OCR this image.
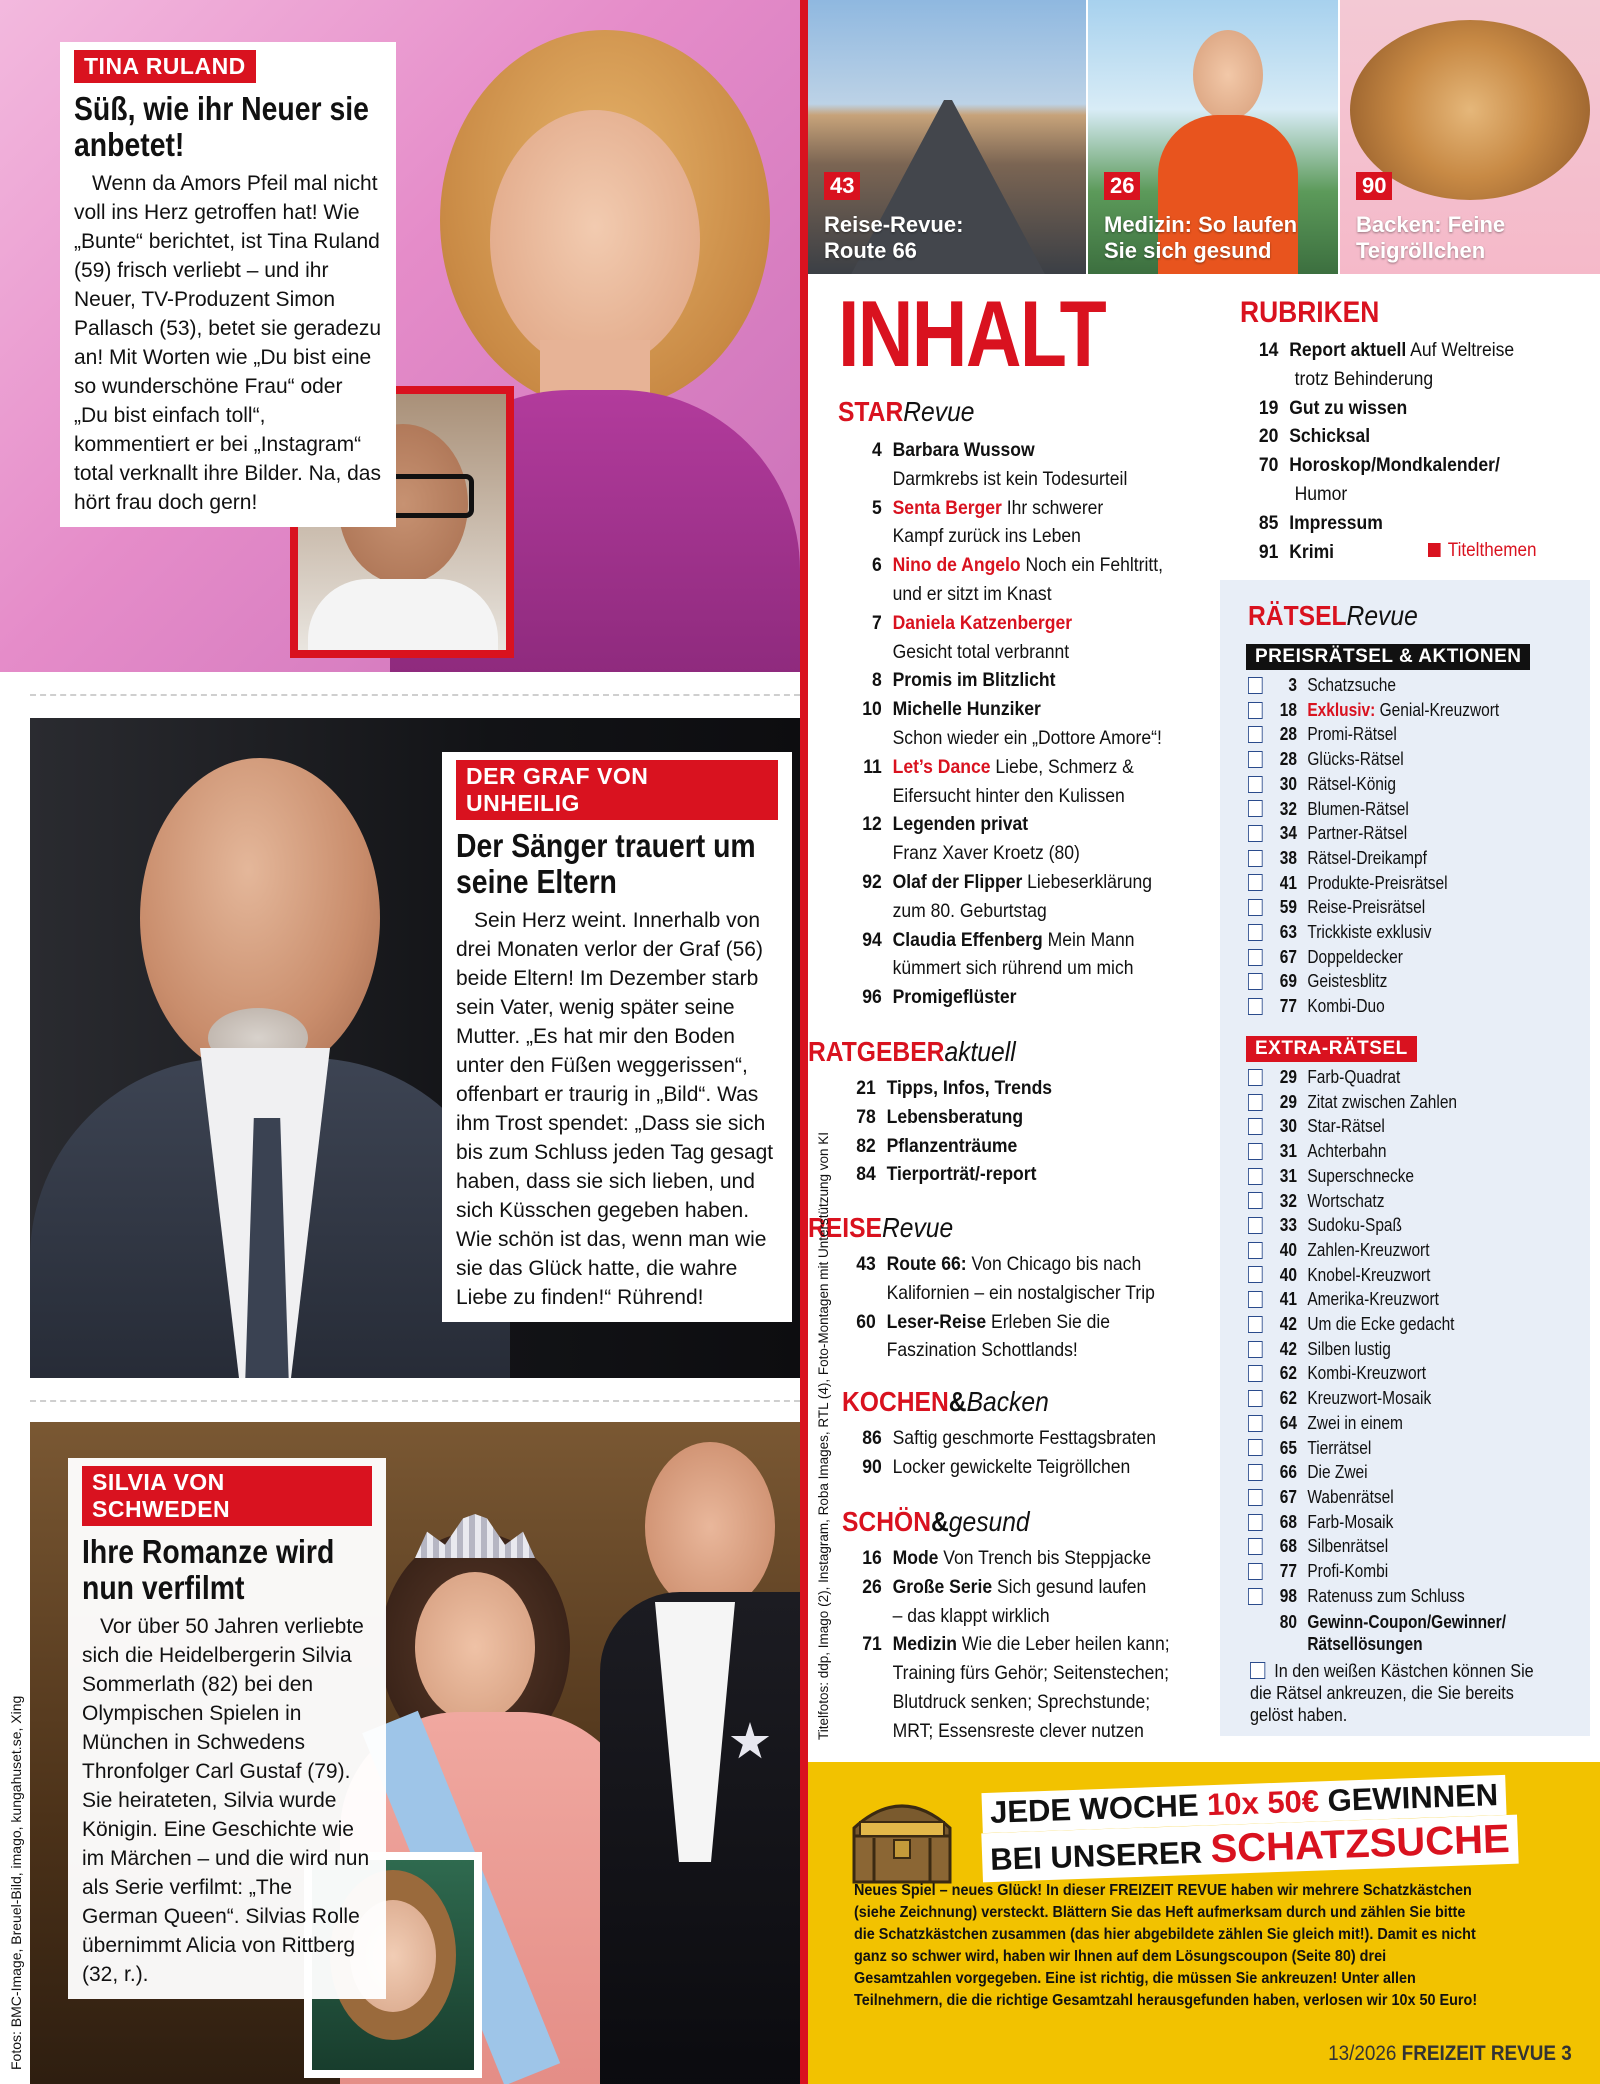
TINA RULAND
Süß, wie ihr Neuer sie anbetet!

Wenn da Amors Pfeil mal nicht voll ins Herz getroffen hat! Wie „Bunte“ berichtet, ist Tina Ruland (59) frisch verliebt – und ihr Neuer, TV-Produzent Simon Pallasch (53), betet sie geradezu an! Mit Worten wie „Du bist eine so wunderschöne Frau“ oder „Du bist einfach toll“, kommentiert er bei „Instagram“ total verknallt ihre Bilder. Na, das hört frau doch gern!

DER GRAF VON UNHEILIG
Der Sänger trauert um seine Eltern

Sein Herz weint. Innerhalb von drei Monaten verlor der Graf (56) beide Eltern! Im Dezember starb sein Vater, wenig später seine Mutter. „Es hat mir den Boden unter den Füßen weggerissen“, offenbart er traurig in „Bild“. Was ihm Trost spendet: „Dass sie sich bis zum Schluss jeden Tag gesagt haben, dass sie sich lieben, und sich Küsschen gegeben haben. Wie schön ist das, wenn man wie sie das Glück hatte, die wahre Liebe zu finden!“ Rührend!

SILVIA VON SCHWEDEN
Ihre Romanze wird nun verfilmt

Vor über 50 Jahren verliebte sich die Heidelbergerin Silvia Sommerlath (82) bei den Olympischen Spielen in München in Schwedens Thronfolger Carl Gustaf (79). Sie heirateten, Silvia wurde Königin. Eine Geschichte wie im Märchen – und die wird nun als Serie verfilmt: „The German Queen“. Silvias Rolle übernimmt Alicia von Rittberg (32, r.).

Fotos: BMC-Image, Breuel-Bild, imago, kungahuset.se, Xing
43
Reise-Revue:
Route 66
26
Medizin: So laufen
Sie sich gesund
90
Backen: Feine
Teigröllchen
INHALT
STARRevue
4 Barbara Wussow
Darmkrebs ist kein Todesurteil
5 Senta Berger Ihr schwerer
Kampf zurück ins Leben
6 Nino de Angelo Noch ein Fehltritt,
und er sitzt im Knast
7 Daniela Katzenberger
Gesicht total verbrannt
8 Promis im Blitzlicht
10 Michelle Hunziker
Schon wieder ein „Dottore Amore“!
11 Let’s Dance Liebe, Schmerz &
Eifersucht hinter den Kulissen
12 Legenden privat
Franz Xaver Kroetz (80)
92 Olaf der Flipper Liebeserklärung
zum 80. Geburtstag
94 Claudia Effenberg Mein Mann
kümmert sich rührend um mich
96 Promigeflüster
RATGEBERaktuell
21 Tipps, Infos, Trends
78 Lebensberatung
82 Pflanzenträume
84 Tierporträt/-report
REISERevue
43 Route 66: Von Chicago bis nach
Kalifornien – ein nostalgischer Trip
60 Leser-Reise Erleben Sie die
Faszination Schottlands!
KOCHEN&Backen
86 Saftig geschmorte Festtagsbraten
90 Locker gewickelte Teigröllchen
SCHÖN&gesund
16 Mode Von Trench bis Steppjacke
26 Große Serie Sich gesund laufen
– das klappt wirklich
71 Medizin Wie die Leber heilen kann;
Training fürs Gehör; Seitenstechen; Blutdruck senken; Sprechstunde; MRT; Essensreste clever nutzen
Titelfotos: ddp, Imago (2), Instagram, Roba Images, RTL (4), Foto-Montagen mit Unterstützung von KI
RUBRIKEN
14 Report aktuell Auf Weltreise
trotz Behinderung
19 Gut zu wissen
20 Schicksal
70 Horoskop/Mondkalender/
Humor
85 Impressum
91 Krimi	Titelthemen
RÄTSELRevue
PREISRÄTSEL & AKTIONEN
3 Schatzsuche
18 Exklusiv: Genial-Kreuzwort
28 Promi-Rätsel
28 Glücks-Rätsel
30 Rätsel-König
32 Blumen-Rätsel
34 Partner-Rätsel
38 Rätsel-Dreikampf
41 Produkte-Preisrätsel
59 Reise-Preisrätsel
63 Trickkiste exklusiv
67 Doppeldecker
69 Geistesblitz
77 Kombi-Duo
EXTRA-RÄTSEL
29 Farb-Quadrat
29 Zitat zwischen Zahlen
30 Star-Rätsel
31 Achterbahn
31 Superschnecke
32 Wortschatz
33 Sudoku-Spaß
40 Zahlen-Kreuzwort
40 Knobel-Kreuzwort
41 Amerika-Kreuzwort
42 Um die Ecke gedacht
42 Silben lustig
62 Kombi-Kreuzwort
62 Kreuzwort-Mosaik
64 Zwei in einem
65 Tierrätsel
66 Die Zwei
67 Wabenrätsel
68 Farb-Mosaik
68 Silbenrätsel
77 Profi-Kombi
98 Ratenuss zum Schluss
80 Gewinn-Coupon/Gewinner/
Rätsellösungen
In den weißen Kästchen können Sie die Rätsel ankreuzen, die Sie bereits gelöst haben.
JEDE WOCHE 10x 50€ GEWINNEN
BEI UNSERER SCHATZSUCHE
Neues Spiel – neues Glück! In dieser FREIZEIT REVUE haben wir mehrere Schatzkästchen (siehe Zeichnung) versteckt. Blättern Sie das Heft aufmerksam durch und zählen Sie bitte die Schatzkästchen zusammen (das hier abgebildete zählen Sie gleich mit!). Damit es nicht ganz so schwer wird, haben wir Ihnen auf dem Lösungscoupon (Seite 80) drei Gesamtzahlen vorgegeben. Eine ist richtig, die müssen Sie ankreuzen! Unter allen Teilnehmern, die die richtige Gesamtzahl herausgefunden haben, verlosen wir 10x 50 Euro!
13/2026 FREIZEIT REVUE 3
